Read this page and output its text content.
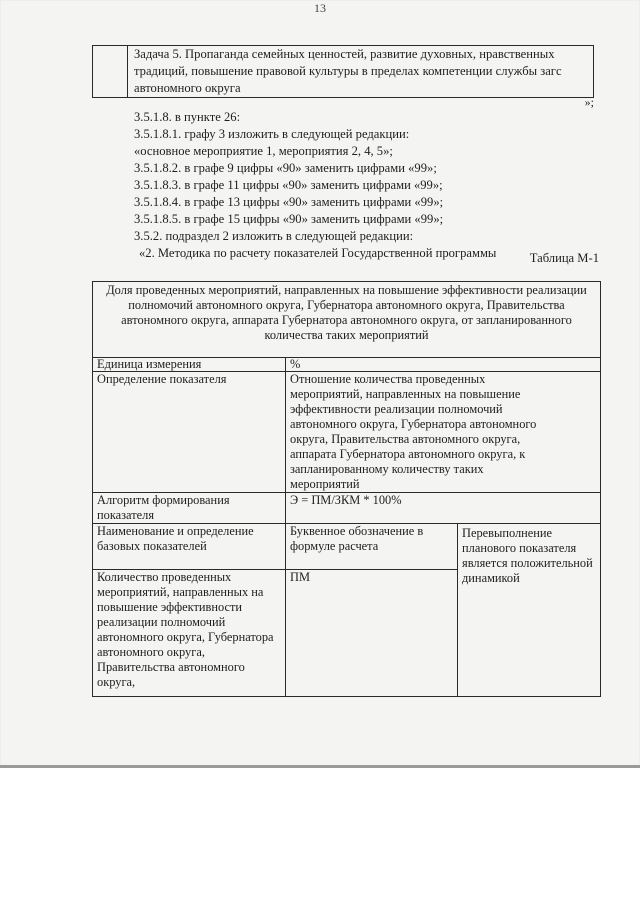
13
	Задача 5. Пропаганда семейных ценностей, развитие духовных, нравственных традиций, повышение правовой культуры в пределах компетенции службы загс автономного округа
»;
3.5.1.8. в пункте 26:
3.5.1.8.1. графу 3 изложить в следующей редакции:
«основное мероприятие 1, мероприятия 2, 4, 5»;
3.5.1.8.2. в графе 9 цифры «90» заменить цифрами «99»;
3.5.1.8.3. в графе 11 цифры «90» заменить цифрами «99»;
3.5.1.8.4. в графе 13 цифры «90» заменить цифрами «99»;
3.5.1.8.5. в графе 15 цифры «90» заменить цифрами «99»;
3.5.2. подраздел 2 изложить в следующей редакции:
«2. Методика по расчету показателей Государственной программы	Таблица М-1
Доля проведенных мероприятий, направленных на повышение эффективности реализации полномочий автономного округа, Губернатора автономного округа, Правительства автономного округа, аппарата Губернатора автономного округа, от запланированного количества таких мероприятий		
Единица измерения	%	
Определение показателя	Отношение количества проведенных мероприятий, направленных на повышение эффективности реализации полномочий автономного округа, Губернатора автономного округа, Правительства автономного округа, аппарата Губернатора автономного округа, к запланированному количеству таких мероприятий	
Алгоритм формирования показателя	Э = ПМ/ЗКМ * 100%	
Наименование и определение базовых показателей	Буквенное обозначение в формуле расчета	Перевыполнение планового показателя является положительной динамикой
Количество проведенных мероприятий, направленных на повышение эффективности реализации полномочий автономного округа, Губернатора автономного округа, Правительства автономного округа,	ПМ	
